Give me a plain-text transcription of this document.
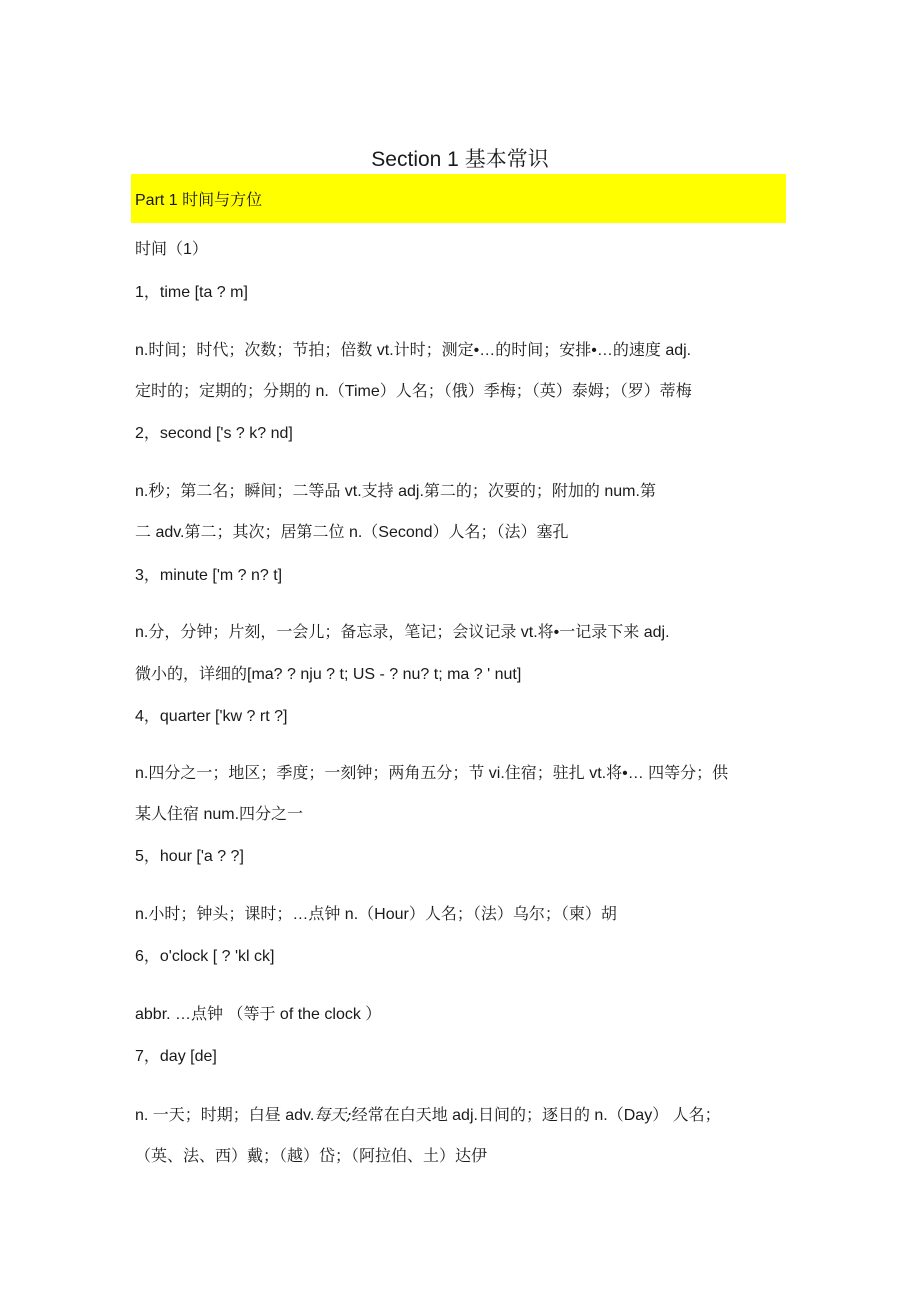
Section 1 基本常识
Part 1 时间与方位
时间（1）
1，time [ta ? m]
n.时间；时代；次数；节拍；倍数 vt.计时；测定•…的时间；安排•…的速度 adj.
定时的；定期的；分期的 n.（Time）人名；（俄）季梅；（英）泰姆；（罗）蒂梅
2，second ['s ? k? nd]
n.秒；第二名；瞬间；二等品 vt.支持 adj.第二的；次要的；附加的 num.第
二 adv.第二；其次；居第二位 n.（Second）人名；（法）塞孔
3，minute ['m ? n? t]
n.分，分钟；片刻，一会儿；备忘录，笔记；会议记录 vt.将•一记录下来 adj.
微小的，详细的[ma? ? nju ? t; US - ? nu? t; ma ? ' nut]
4，quarter ['kw ? rt ?]
n.四分之一；地区；季度；一刻钟；两角五分；节 vi.住宿；驻扎 vt.将•… 四等分；供
某人住宿 num.四分之一
5，hour ['a ? ?]
n.小时；钟头；课时；…点钟 n.（Hour）人名；（法）乌尔；（柬）胡
6，o'clock [ ? 'kl ck]
abbr. …点钟 （等于 of the clock ）
7，day [de]
n. 一天；时期；白昼 adv.每天;经常在白天地 adj.日间的；逐日的 n.（Day） 人名；
（英、法、西）戴；（越）岱；（阿拉伯、土）达伊
